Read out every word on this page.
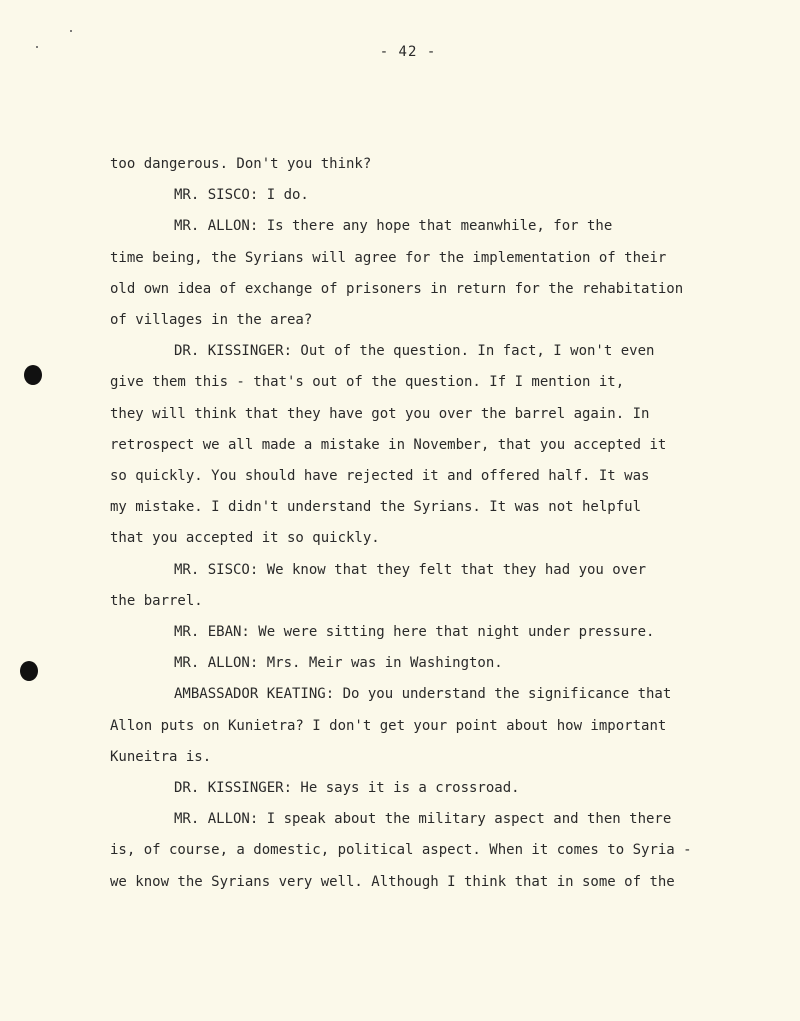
- 42 -
too dangerous. Don't you think?
MR. SISCO: I do.
MR. ALLON: Is there any hope that meanwhile, for the
time being, the Syrians will agree for the implementation of their
old own idea of exchange of prisoners in return for the rehabitation
of villages in the area?
DR. KISSINGER: Out of the question. In fact, I won't even
give them this - that's out of the question. If I mention it,
they will think that they have got you over the barrel again. In
retrospect we all made a mistake in November, that you accepted it
so quickly. You should have rejected it and offered half. It was
my mistake. I didn't understand the Syrians. It was not helpful
that you accepted it so quickly.
MR. SISCO: We know that they felt that they had you over
the barrel.
MR. EBAN: We were sitting here that night under pressure.
MR. ALLON: Mrs. Meir was in Washington.
AMBASSADOR KEATING: Do you understand the significance that
Allon puts on Kunietra? I don't get your point about how important
Kuneitra is.
DR. KISSINGER: He says it is a crossroad.
MR. ALLON: I speak about the military aspect and then there
is, of course, a domestic, political aspect. When it comes to Syria -
we know the Syrians very well. Although I think that in some of the
